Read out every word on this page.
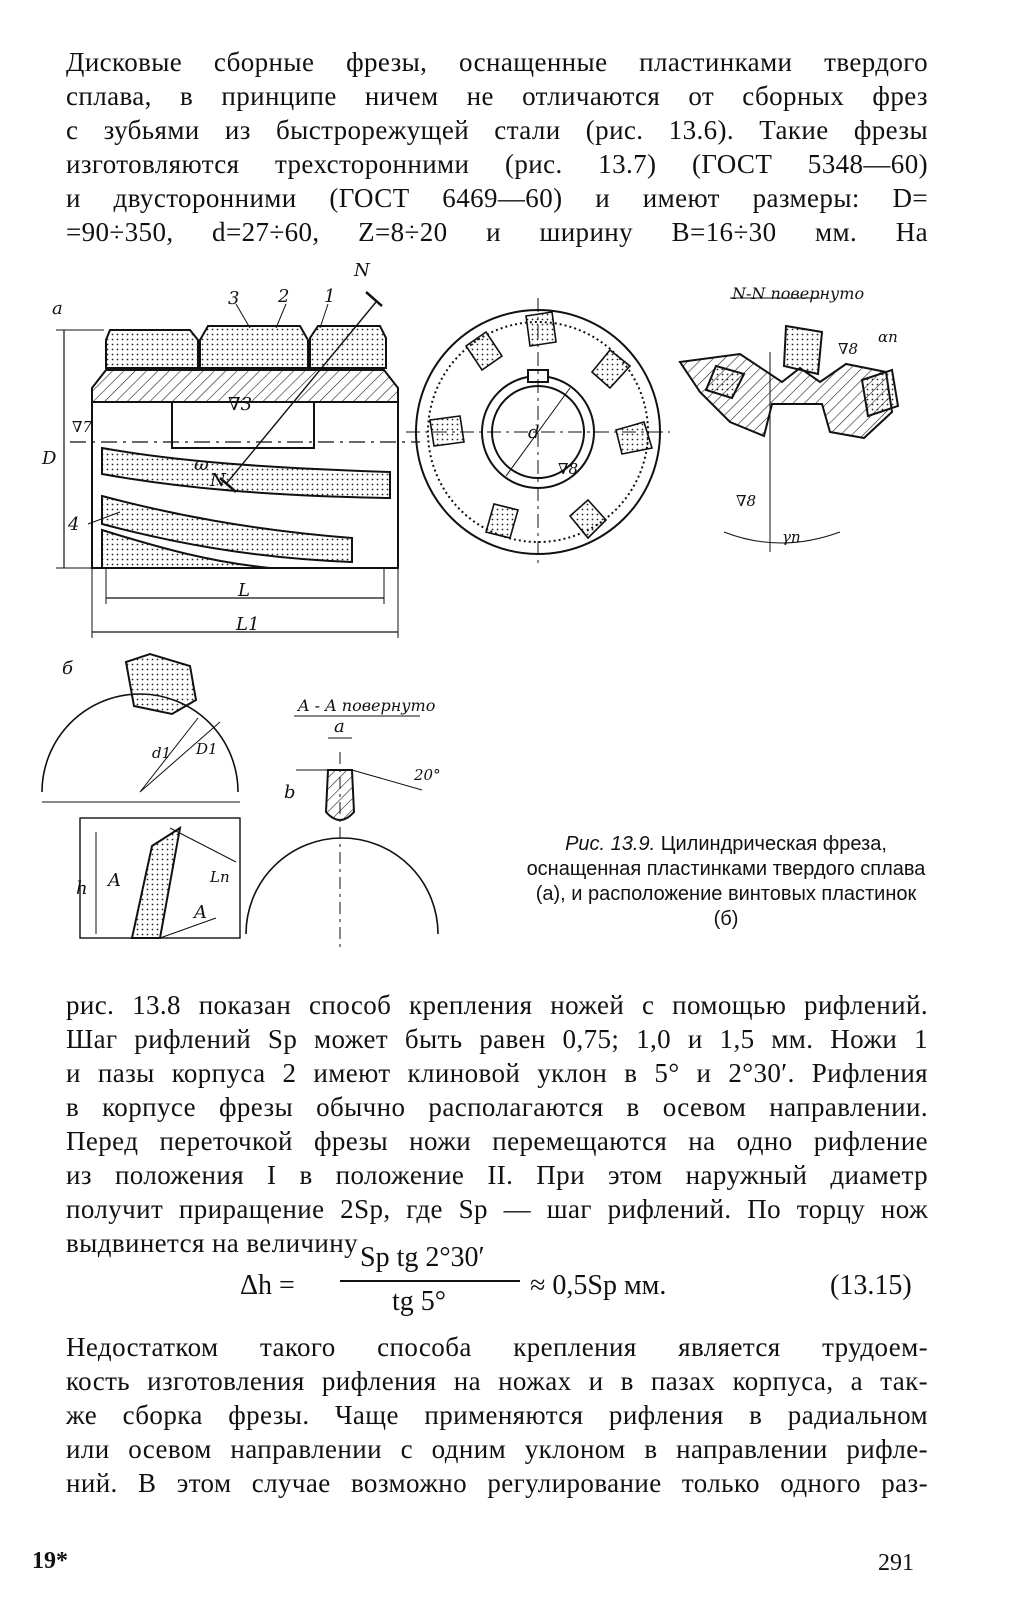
Дисковые сборные фрезы, оснащенные пластинками твердого
сплава, в принципе ничем не отличаются от сборных фрез
с зубьями из быстрорежущей стали (рис. 13.6). Такие фрезы
изготовляются трехсторонними (рис. 13.7) (ГОСТ 5348—60)
и двусторонними (ГОСТ 6469—60) и имеют размеры: D=
=90÷350, d=27÷60, Z=8÷20 и ширину B=16÷30 мм. На
а
б
N-N повернуто
A - A повернуто
N
N
1
2
3
4
∇3
∇7
∇8
∇8
∇8
D
d
L
L1
ω
αn
γn
d1 D1
a
b
h
20°
A
A
Ln
Рис. 13.9. Цилиндрическая фреза, оснащенная пластинками твердого сплава (а), и расположение винтовых пластинок (б)
рис. 13.8 показан способ крепления ножей с помощью рифлений.
Шаг рифлений Sр может быть равен 0,75; 1,0 и 1,5 мм. Ножи 1
и пазы корпуса 2 имеют клиновой уклон в 5° и 2°30′. Рифления
в корпусе фрезы обычно располагаются в осевом направлении.
Перед переточкой фрезы ножи перемещаются на одно рифление
из положения I в положение II. При этом наружный диаметр
получит приращение 2Sр, где Sр — шаг рифлений. По торцу нож
выдвинется на величину
Δh =
Sр tg 2°30′
tg 5°
≈ 0,5Sр мм.	(13.15)
Недостатком такого способа крепления является трудоем-
кость изготовления рифления на ножах и в пазах корпуса, а так-
же сборка фрезы. Чаще применяются рифления в радиальном
или осевом направлении с одним уклоном в направлении рифле-
ний. В этом случае возможно регулирование только одного раз-
19*	291
